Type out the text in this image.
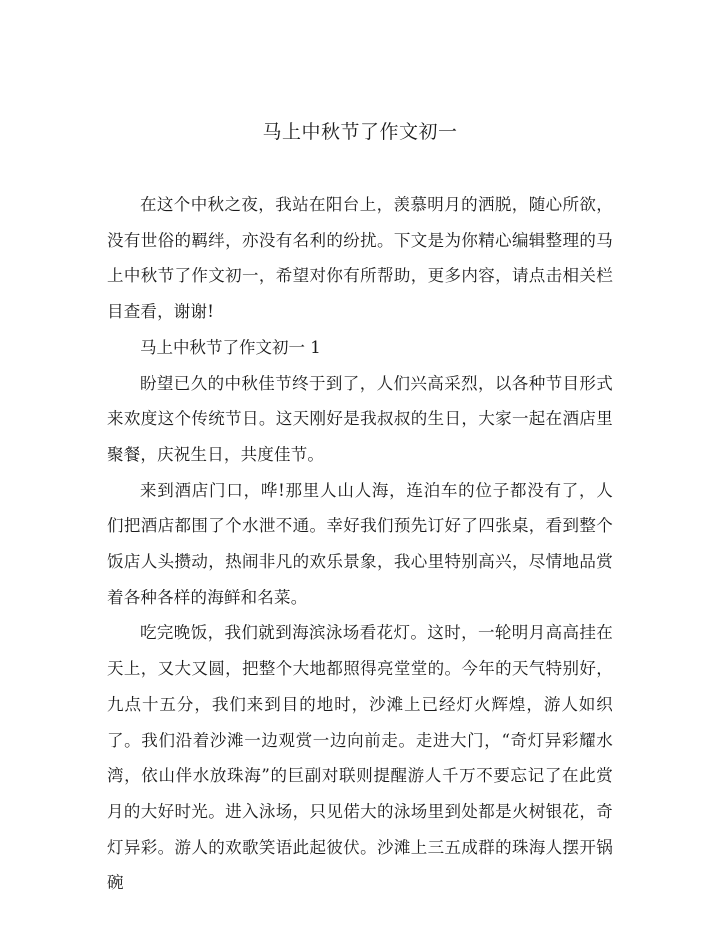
马上中秋节了作文初一

在这个中秋之夜，我站在阳台上，羡慕明月的洒脱，随心所欲，没有世俗的羁绊，亦没有名利的纷扰。下文是为你精心编辑整理的马上中秋节了作文初一，希望对你有所帮助，更多内容，请点击相关栏目查看，谢谢!

马上中秋节了作文初一 1

盼望已久的中秋佳节终于到了，人们兴高采烈，以各种节目形式来欢度这个传统节日。这天刚好是我叔叔的生日，大家一起在酒店里聚餐，庆祝生日，共度佳节。

来到酒店门口，哗!那里人山人海，连泊车的位子都没有了，人们把酒店都围了个水泄不通。幸好我们预先订好了四张桌，看到整个饭店人头攒动，热闹非凡的欢乐景象，我心里特别高兴，尽情地品赏着各种各样的海鲜和名菜。

吃完晚饭，我们就到海滨泳场看花灯。这时，一轮明月高高挂在天上，又大又圆，把整个大地都照得亮堂堂的。今年的天气特别好，九点十五分，我们来到目的地时，沙滩上已经灯火辉煌，游人如织了。我们沿着沙滩一边观赏一边向前走。走进大门，“奇灯异彩耀水湾，依山伴水放珠海”的巨副对联则提醒游人千万不要忘记了在此赏月的大好时光。进入泳场，只见偌大的泳场里到处都是火树银花，奇灯异彩。游人的欢歌笑语此起彼伏。沙滩上三五成群的珠海人摆开锅碗
